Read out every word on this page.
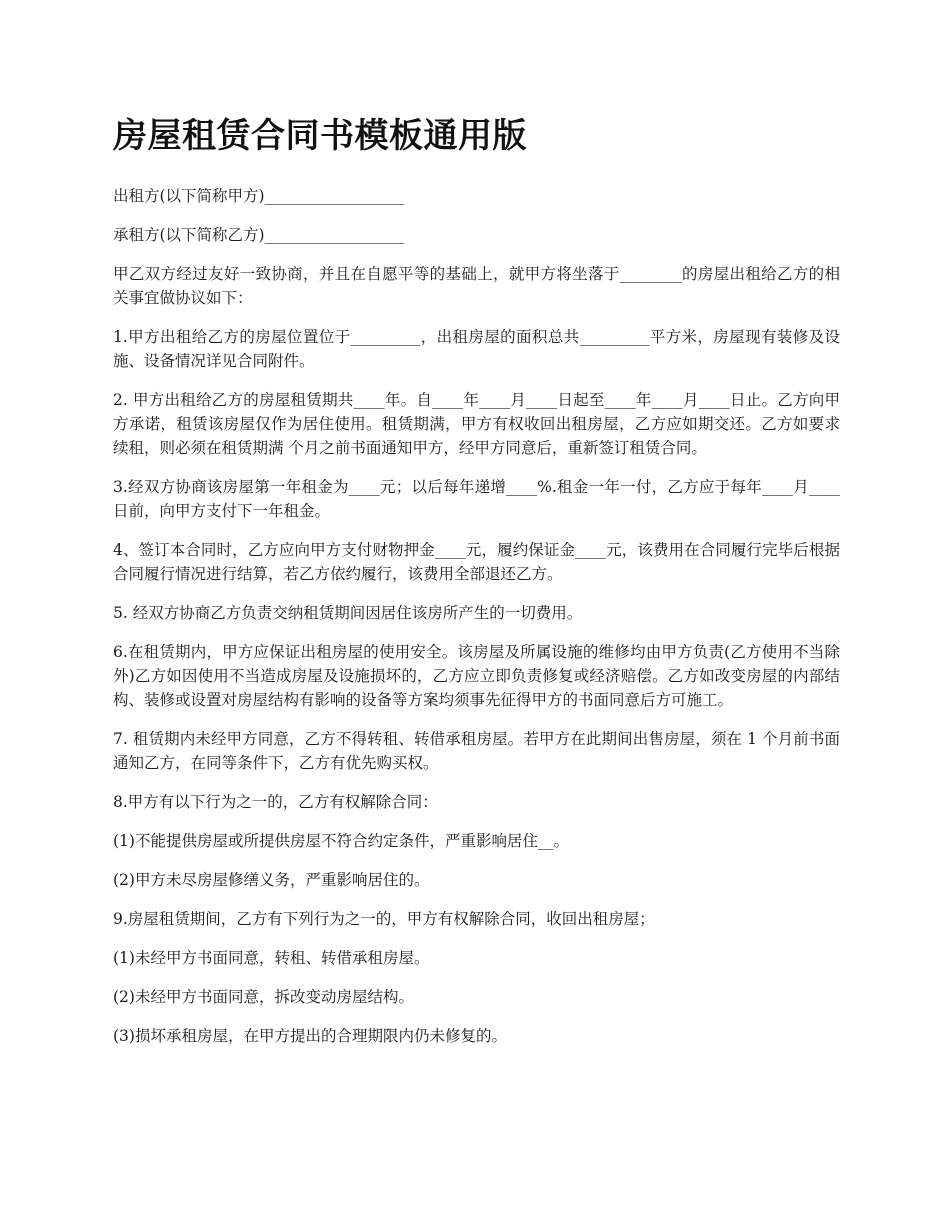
房屋租赁合同书模板通用版

出租方(以下简称甲方)__________________

承租方(以下简称乙方)__________________

甲乙双方经过友好一致协商，并且在自愿平等的基础上，就甲方将坐落于________的房屋出租给乙方的相关事宜做协议如下：

1.甲方出租给乙方的房屋位置位于_________，出租房屋的面积总共_________平方米，房屋现有装修及设施、设备情况详见合同附件。

2. 甲方出租给乙方的房屋租赁期共____年。自____年____月____日起至____年____月____日止。乙方向甲方承诺，租赁该房屋仅作为居住使用。租赁期满，甲方有权收回出租房屋，乙方应如期交还。乙方如要求续租，则必须在租赁期满 个月之前书面通知甲方，经甲方同意后，重新签订租赁合同。

3.经双方协商该房屋第一年租金为____元；以后每年递增____%.租金一年一付，乙方应于每年____月____日前，向甲方支付下一年租金。

4、签订本合同时，乙方应向甲方支付财物押金____元，履约保证金____元，该费用在合同履行完毕后根据合同履行情况进行结算，若乙方依约履行，该费用全部退还乙方。

5. 经双方协商乙方负责交纳租赁期间因居住该房所产生的一切费用。

6.在租赁期内，甲方应保证出租房屋的使用安全。该房屋及所属设施的维修均由甲方负责(乙方使用不当除外)乙方如因使用不当造成房屋及设施损坏的，乙方应立即负责修复或经济赔偿。乙方如改变房屋的内部结构、装修或设置对房屋结构有影响的设备等方案均须事先征得甲方的书面同意后方可施工。

7. 租赁期内未经甲方同意，乙方不得转租、转借承租房屋。若甲方在此期间出售房屋，须在 1 个月前书面通知乙方，在同等条件下，乙方有优先购买权。

8.甲方有以下行为之一的，乙方有权解除合同：

(1)不能提供房屋或所提供房屋不符合约定条件，严重影响居住__。

(2)甲方未尽房屋修缮义务，严重影响居住的。

9.房屋租赁期间，乙方有下列行为之一的，甲方有权解除合同，收回出租房屋；

(1)未经甲方书面同意，转租、转借承租房屋。

(2)未经甲方书面同意，拆改变动房屋结构。

(3)损坏承租房屋，在甲方提出的合理期限内仍未修复的。
